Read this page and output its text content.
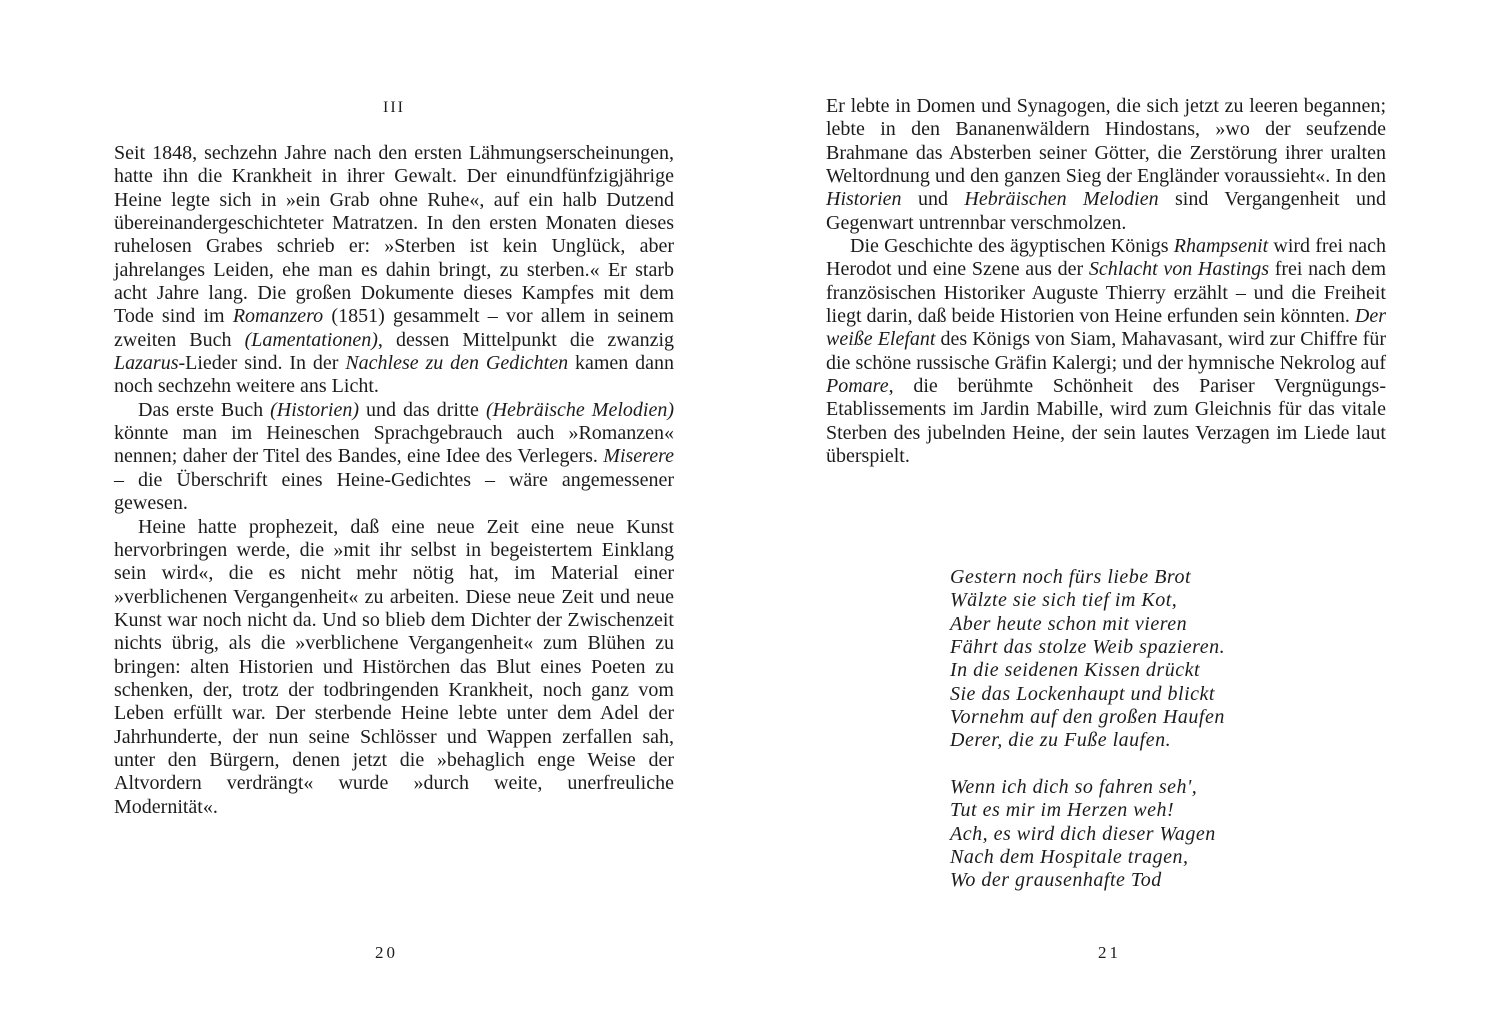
III

Seit 1848, sechzehn Jahre nach den ersten Lähmungserscheinungen, hatte ihn die Krankheit in ihrer Gewalt. Der einundfünfzigjährige Heine legte sich in »ein Grab ohne Ruhe«, auf ein halb Dutzend übereinandergeschichteter Matratzen. In den ersten Monaten dieses ruhelosen Grabes schrieb er: »Sterben ist kein Unglück, aber jahrelanges Leiden, ehe man es dahin bringt, zu sterben.« Er starb acht Jahre lang. Die großen Dokumente dieses Kampfes mit dem Tode sind im Romanzero (1851) gesammelt – vor allem in seinem zweiten Buch (Lamentationen), dessen Mittelpunkt die zwanzig Lazarus-Lieder sind. In der Nachlese zu den Gedichten kamen dann noch sechzehn weitere ans Licht.

Das erste Buch (Historien) und das dritte (Hebräische Melodien) könnte man im Heineschen Sprachgebrauch auch »Romanzen« nennen; daher der Titel des Bandes, eine Idee des Verlegers. Miserere – die Überschrift eines Heine-Gedichtes – wäre angemessener gewesen.

Heine hatte prophezeit, daß eine neue Zeit eine neue Kunst hervorbringen werde, die »mit ihr selbst in begeistertem Einklang sein wird«, die es nicht mehr nötig hat, im Material einer »verblichenen Vergangenheit« zu arbeiten. Diese neue Zeit und neue Kunst war noch nicht da. Und so blieb dem Dichter der Zwischenzeit nichts übrig, als die »verblichene Vergangenheit« zum Blühen zu bringen: alten Historien und Histörchen das Blut eines Poeten zu schenken, der, trotz der todbringenden Krankheit, noch ganz vom Leben erfüllt war. Der sterbende Heine lebte unter dem Adel der Jahrhunderte, der nun seine Schlösser und Wappen zerfallen sah, unter den Bürgern, denen jetzt die »behaglich enge Weise der Altvordern verdrängt« wurde »durch weite, unerfreuliche Modernität«.

20

Er lebte in Domen und Synagogen, die sich jetzt zu leeren begannen; lebte in den Bananenwäldern Hindostans, »wo der seufzende Brahmane das Absterben seiner Götter, die Zerstörung ihrer uralten Weltordnung und den ganzen Sieg der Engländer voraussieht«. In den Historien und Hebräischen Melodien sind Vergangenheit und Gegenwart untrennbar verschmolzen.

Die Geschichte des ägyptischen Königs Rhampsenit wird frei nach Herodot und eine Szene aus der Schlacht von Hastings frei nach dem französischen Historiker Auguste Thierry erzählt – und die Freiheit liegt darin, daß beide Historien von Heine erfunden sein könnten. Der weiße Elefant des Königs von Siam, Mahavasant, wird zur Chiffre für die schöne russische Gräfin Kalergi; und der hymnische Nekrolog auf Pomare, die berühmte Schönheit des Pariser Vergnügungs-Etablissements im Jardin Mabille, wird zum Gleichnis für das vitale Sterben des jubelnden Heine, der sein lautes Verzagen im Liede laut überspielt.

Gestern noch fürs liebe Brot
Wälzte sie sich tief im Kot,
Aber heute schon mit vieren
Fährt das stolze Weib spazieren.
In die seidenen Kissen drückt
Sie das Lockenhaupt und blickt
Vornehm auf den großen Haufen
Derer, die zu Fuße laufen.
Wenn ich dich so fahren seh',
Tut es mir im Herzen weh!
Ach, es wird dich dieser Wagen
Nach dem Hospitale tragen,
Wo der grausenhafte Tod
21
